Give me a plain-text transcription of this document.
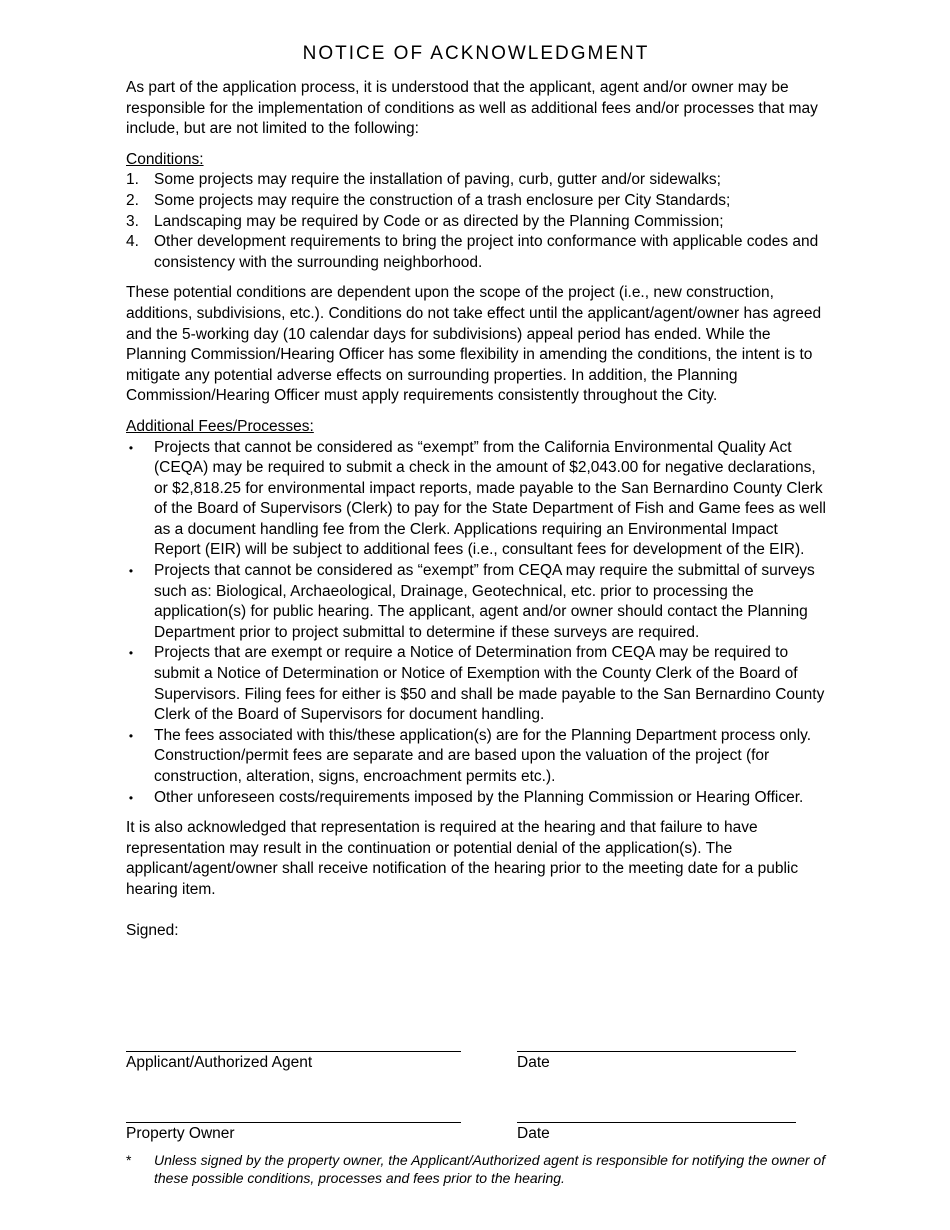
NOTICE OF ACKNOWLEDGMENT

As part of the application process, it is understood that the applicant, agent and/or owner may be responsible for the implementation of conditions as well as additional fees and/or processes that may include, but are not limited to the following:

Conditions:

1. Some projects may require the installation of paving, curb, gutter and/or sidewalks;
2. Some projects may require the construction of a trash enclosure per City Standards;
3. Landscaping may be required by Code or as directed by the Planning Commission;
4. Other development requirements to bring the project into conformance with applicable codes and consistency with the surrounding neighborhood.

These potential conditions are dependent upon the scope of the project (i.e., new construction, additions, subdivisions, etc.). Conditions do not take effect until the applicant/agent/owner has agreed and the 5-working day (10 calendar days for subdivisions) appeal period has ended. While the Planning Commission/Hearing Officer has some flexibility in amending the conditions, the intent is to mitigate any potential adverse effects on surrounding properties. In addition, the Planning Commission/Hearing Officer must apply requirements consistently throughout the City.

Additional Fees/Processes:

• Projects that cannot be considered as “exempt” from the California Environmental Quality Act (CEQA) may be required to submit a check in the amount of $2,043.00 for negative declarations, or $2,818.25 for environmental impact reports, made payable to the San Bernardino County Clerk of the Board of Supervisors (Clerk) to pay for the State Department of Fish and Game fees as well as a document handling fee from the Clerk. Applications requiring an Environmental Impact Report (EIR) will be subject to additional fees (i.e., consultant fees for development of the EIR).
• Projects that cannot be considered as “exempt” from CEQA may require the submittal of surveys such as: Biological, Archaeological, Drainage, Geotechnical, etc. prior to processing the application(s) for public hearing. The applicant, agent and/or owner should contact the Planning Department prior to project submittal to determine if these surveys are required.
• Projects that are exempt or require a Notice of Determination from CEQA may be required to submit a Notice of Determination or Notice of Exemption with the County Clerk of the Board of Supervisors. Filing fees for either is $50 and shall be made payable to the San Bernardino County Clerk of the Board of Supervisors for document handling.
• The fees associated with this/these application(s) are for the Planning Department process only. Construction/permit fees are separate and are based upon the valuation of the project (for construction, alteration, signs, encroachment permits etc.).
• Other unforeseen costs/requirements imposed by the Planning Commission or Hearing Officer.

It is also acknowledged that representation is required at the hearing and that failure to have representation may result in the continuation or potential denial of the application(s). The applicant/agent/owner shall receive notification of the hearing prior to the meeting date for a public hearing item.

Signed:

Applicant/Authorized Agent	Date
Property Owner	Date
*	Unless signed by the property owner, the Applicant/Authorized agent is responsible for notifying the owner of these possible conditions, processes and fees prior to the hearing.
